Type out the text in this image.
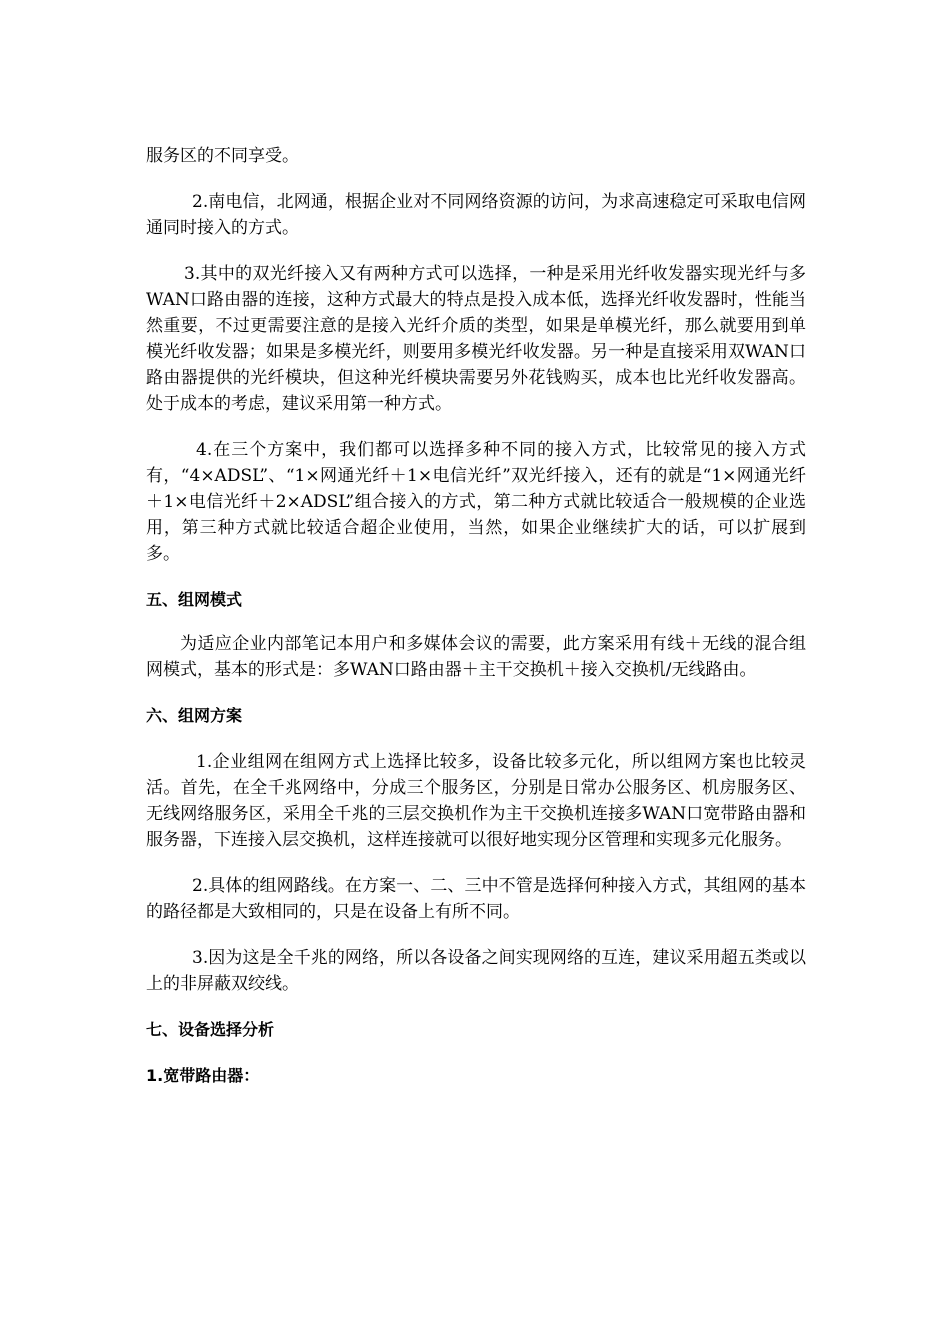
服务区的不同享受。

2.南电信，北网通，根据企业对不同网络资源的访问，为求高速稳定可采取电信网通同时接入的方式。

3.其中的双光纤接入又有两种方式可以选择，一种是采用光纤收发器实现光纤与多WAN口路由器的连接，这种方式最大的特点是投入成本低，选择光纤收发器时，性能当然重要，不过更需要注意的是接入光纤介质的类型，如果是单模光纤，那么就要用到单模光纤收发器；如果是多模光纤，则要用多模光纤收发器。另一种是直接采用双WAN口路由器提供的光纤模块，但这种光纤模块需要另外花钱购买，成本也比光纤收发器高。处于成本的考虑，建议采用第一种方式。

4.在三个方案中，我们都可以选择多种不同的接入方式，比较常见的接入方式有，“4×ADSL”、“1×网通光纤＋1×电信光纤”双光纤接入，还有的就是“1×网通光纤＋1×电信光纤＋2×ADSL”组合接入的方式，第二种方式就比较适合一般规模的企业选用，第三种方式就比较适合超企业使用，当然，如果企业继续扩大的话，可以扩展到多。

五、组网模式

为适应企业内部笔记本用户和多媒体会议的需要，此方案采用有线＋无线的混合组网模式，基本的形式是：多WAN口路由器＋主干交换机＋接入交换机/无线路由。

六、组网方案

1.企业组网在组网方式上选择比较多，设备比较多元化，所以组网方案也比较灵活。首先，在全千兆网络中，分成三个服务区，分别是日常办公服务区、机房服务区、无线网络服务区，采用全千兆的三层交换机作为主干交换机连接多WAN口宽带路由器和服务器，下连接入层交换机，这样连接就可以很好地实现分区管理和实现多元化服务。

2.具体的组网路线。在方案一、二、三中不管是选择何种接入方式，其组网的基本的路径都是大致相同的，只是在设备上有所不同。

3.因为这是全千兆的网络，所以各设备之间实现网络的互连，建议采用超五类或以上的非屏蔽双绞线。

七、设备选择分析

1.宽带路由器：
